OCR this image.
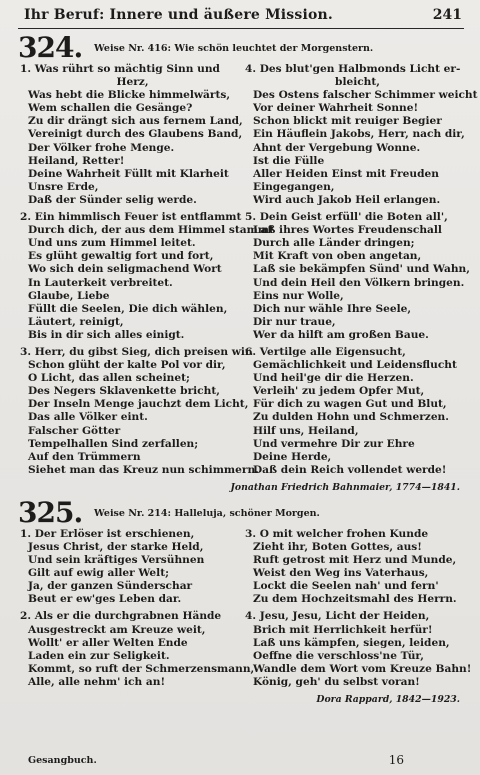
Ihr Beruf: Innere und äußere Mission.	241
324. Weise Nr. 416: Wie schön leuchtet der Morgenstern.
1. Was rührt so mächtig Sinn und
Herz,
Was hebt die Blicke himmelwärts,
Wem schallen die Gesänge?
Zu dir drängt sich aus fernem Land,
Vereinigt durch des Glaubens Band,
Der Völker frohe Menge.
Heiland, Retter!
Deine Wahrheit Füllt mit Klarheit
Unsre Erde,
Daß der Sünder selig werde.
2. Ein himmlisch Feuer ist entflammt
Durch dich, der aus dem Himmel stammt
Und uns zum Himmel leitet.
Es glüht gewaltig fort und fort,
Wo sich dein seligmachend Wort
In Lauterkeit verbreitet.
Glaube, Liebe
Füllt die Seelen, Die dich wählen,
Läutert, reinigt,
Bis in dir sich alles einigt.
3. Herr, du gibst Sieg, dich preisen wir.
Schon glüht der kalte Pol vor dir,
O Licht, das allen scheinet;
Des Negers Sklavenkette bricht,
Der Inseln Menge jauchzt dem Licht,
Das alle Völker eint.
Falscher Götter
Tempelhallen Sind zerfallen;
Auf den Trümmern
Siehet man das Kreuz nun schimmern.
4. Des blut'gen Halbmonds Licht er-
bleicht,
Des Ostens falscher Schimmer weicht
Vor deiner Wahrheit Sonne!
Schon blickt mit reuiger Begier
Ein Häuflein Jakobs, Herr, nach dir,
Ahnt der Vergebung Wonne.
Ist die Fülle
Aller Heiden Einst mit Freuden
Eingegangen,
Wird auch Jakob Heil erlangen.
5. Dein Geist erfüll' die Boten all',
Laß ihres Wortes Freudenschall
Durch alle Länder dringen;
Mit Kraft von oben angetan,
Laß sie bekämpfen Sünd' und Wahn,
Und dein Heil den Völkern bringen.
Eins nur Wolle,
Dich nur wähle Ihre Seele,
Dir nur traue,
Wer da hilft am großen Baue.
6. Vertilge alle Eigensucht,
Gemächlichkeit und Leidensflucht
Und heil'ge dir die Herzen.
Verleih' zu jedem Opfer Mut,
Für dich zu wagen Gut und Blut,
Zu dulden Hohn und Schmerzen.
Hilf uns, Heiland,
Und vermehre Dir zur Ehre
Deine Herde,
Daß dein Reich vollendet werde!
Jonathan Friedrich Bahnmaier, 1774—1841.
325. Weise Nr. 214: Halleluja, schöner Morgen.
1. Der Erlöser ist erschienen,
Jesus Christ, der starke Held,
Und sein kräftiges Versühnen
Gilt auf ewig aller Welt;
Ja, der ganzen Sünderschar
Beut er ew'ges Leben dar.
2. Als er die durchgrabnen Hände
Ausgestreckt am Kreuze weit,
Wollt' er aller Welten Ende
Laden ein zur Seligkeit.
Kommt, so ruft der Schmerzensmann,
Alle, alle nehm' ich an!
3. O mit welcher frohen Kunde
Zieht ihr, Boten Gottes, aus!
Ruft getrost mit Herz und Munde,
Weist den Weg ins Vaterhaus,
Lockt die Seelen nah' und fern'
Zu dem Hochzeitsmahl des Herrn.
4. Jesu, Jesu, Licht der Heiden,
Brich mit Herrlichkeit herfür!
Laß uns kämpfen, siegen, leiden,
Oeffne die verschloss'ne Tür,
Wandle dem Wort vom Kreuze Bahn!
König, geh' du selbst voran!
Dora Rappard, 1842—1923.
Gesangbuch.	16
